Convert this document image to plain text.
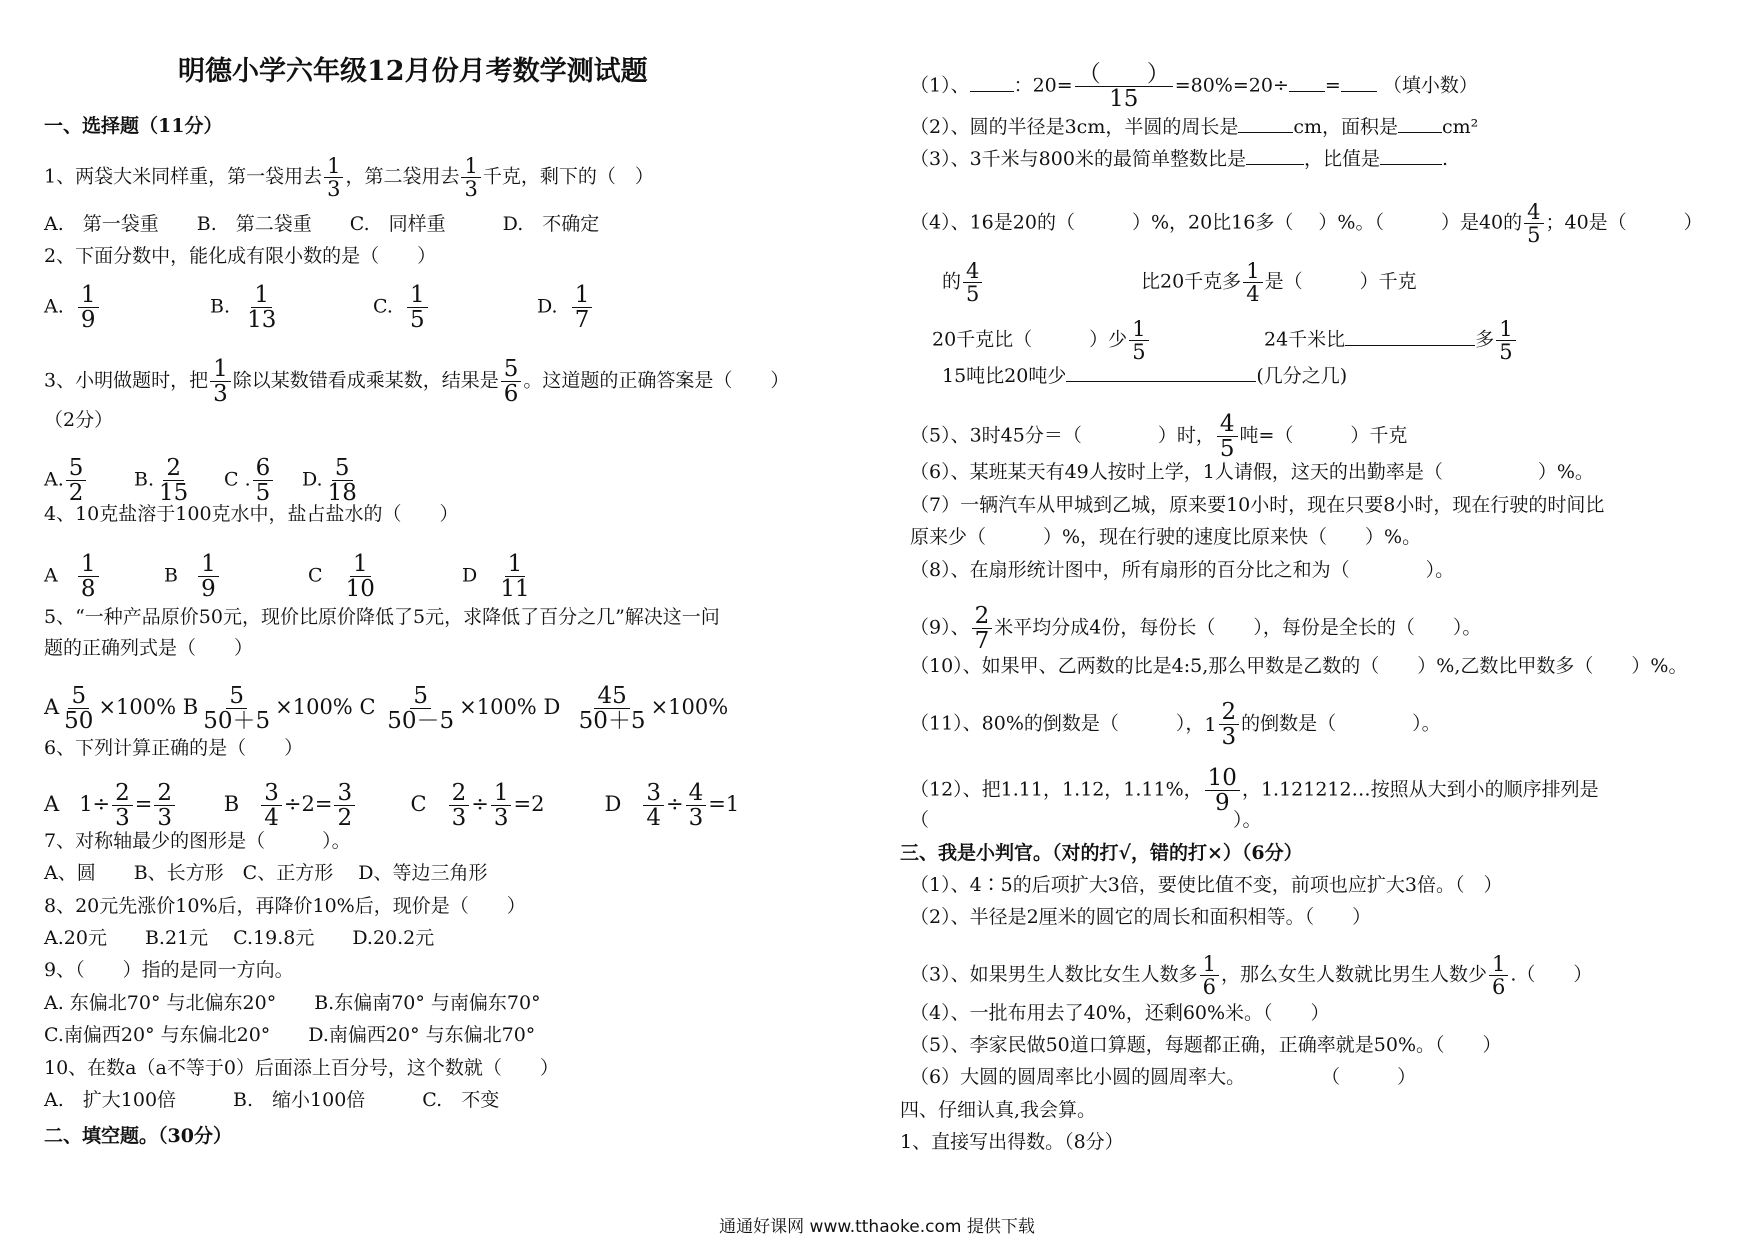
明德小学六年级12月份月考数学测试题
一、选择题（11分）
1、两袋大米同样重，第一袋用去 $\frac{1}{3}$ ，第二袋用去 $\frac{1}{3}$ 千克，剩下的（　）
A.　第一袋重　　B.　第二袋重　　C.　同样重　　　D.　不确定
2、下面分数中，能化成有限小数的是（　　）
A. $\frac{1}{9}$	B. $\frac{1}{13}$	C. $\frac{1}{5}$	D. $\frac{1}{7}$
3、小明做题时，把 $\frac{1}{3}$ 除以某数错看成乘某数，结果是 $\frac{5}{6}$ 。这道题的正确答案是（　　）
（2分）
A. $\frac{5}{2}$	B. $\frac{2}{15}$ C . $\frac{6}{5} D$. $\frac{5}{18}$
4、10克盐溶于100克水中，盐占盐水的（　　）
A $\frac{1}{8}$	B $\frac{1}{9}$	C $\frac{1}{10}$	D $\frac{1}{11}$
5、“一种产品原价50元，现价比原价降低了5元，求降低了百分之几”解决这一问
题的正确列式是（　　）
A $\frac{5}{50} \times 100\%$ B $\frac{5}{50+5} \times 100\%$ C $\frac{5}{50-5} \times 100\%$ D $\frac{45}{50+5} \times 100\%$
6、下列计算正确的是（　　）
A   $1\div \frac{2}{3} = \frac{2}{3}$ B $\frac{3}{4} \div 2= \frac{3}{2}$ C $\frac{2}{3} \div \frac{1}{3} =2$         D $\frac{3}{4} \div \frac{4}{3} =1$
7、对称轴最少的图形是（　　　）。
A、圆　　B、长方形　C、正方形　 D、等边三角形
8、20元先涨价10%后，再降价10%后，现价是（　　）
A.20元　　B.21元　 C.19.8元　　D.20.2元
9、（　　）指的是同一方向。
A. 东偏北70° 与北偏东20°　　B.东偏南70° 与南偏东70°
C.南偏西20° 与东偏北20°　　D.南偏西20° 与东偏北70°
10、在数a（a不等于0）后面添上百分号，这个数就（　　）
A.　扩大100倍　　　B.　缩小100倍　　　C.　不变
二、填空题。（30分）
（1）、 ：$20= \frac{( )}{15} =80\%=20\div$ = （填小数）
（2）、圆的半径是3cm，半圆的周长是	cm，面积是 cm²
（3）、3千米与800米的最简单整数比是	，比值是	.
（4）、16是20的（　　　）%，20比16多（　 ）%。（　　　）是40的 $\frac{4}{5}$ ；40是（　　　）
的 $\frac{4}{5}$	比20千克多 $\frac{1}{4}$ 是（　　　）千克
20千克比（　　　）少 $\frac{1}{5}$	24千米比	多 $\frac{1}{5}$
15吨比20吨少	(几分之几)
（5）、3时45分＝（　　　　）时， $\frac{4}{5}$ 吨=（　　　）千克
（6）、某班某天有49人按时上学，1人请假，这天的出勤率是（　　　　　）%。
（7）一辆汽车从甲城到乙城，原来要10小时，现在只要8小时，现在行驶的时间比
原来少（　　　）%，现在行驶的速度比原来快（　　）%。
（8）、在扇形统计图中，所有扇形的百分比之和为（　　　　）。
（9）、 $\frac{2}{7}$ 米平均分成4份，每份长（　　），每份是全长的（　　）。
（10）、如果甲、乙两数的比是4:5,那么甲数是乙数的（　　）%,乙数比甲数多（　　）%。
（11）、80%的倒数是（　　　）， $1 \frac{2}{3}$ 的倒数是（　　　　）。
（12）、把1.11，1.12，1.11%， $\frac{10}{9}$ ，1.121212…按照从大到小的顺序排列是
（　　　　　　　　　　　　　　　　）。
三、我是小判官。（对的打√，错的打×）（6分）
（1）、4∶5的后项扩大3倍，要使比值不变，前项也应扩大3倍。（　）
（2）、半径是2厘米的圆它的周长和面积相等。（　　）
（3）、如果男生人数比女生人数多 $\frac{1}{6}$ ，那么女生人数就比男生人数少 $\frac{1}{6}$ .（　　）
（4）、一批布用去了40%，还剩60%米。（　　）
（5）、李家民做50道口算题，每题都正确，正确率就是50%。（　　）
（6）大圆的圆周率比小圆的圆周率大。　　　　　（　　　）
四、仔细认真,我会算。
1、直接写出得数。（8分）
通通好课网 www.tthaoke.com 提供下载
